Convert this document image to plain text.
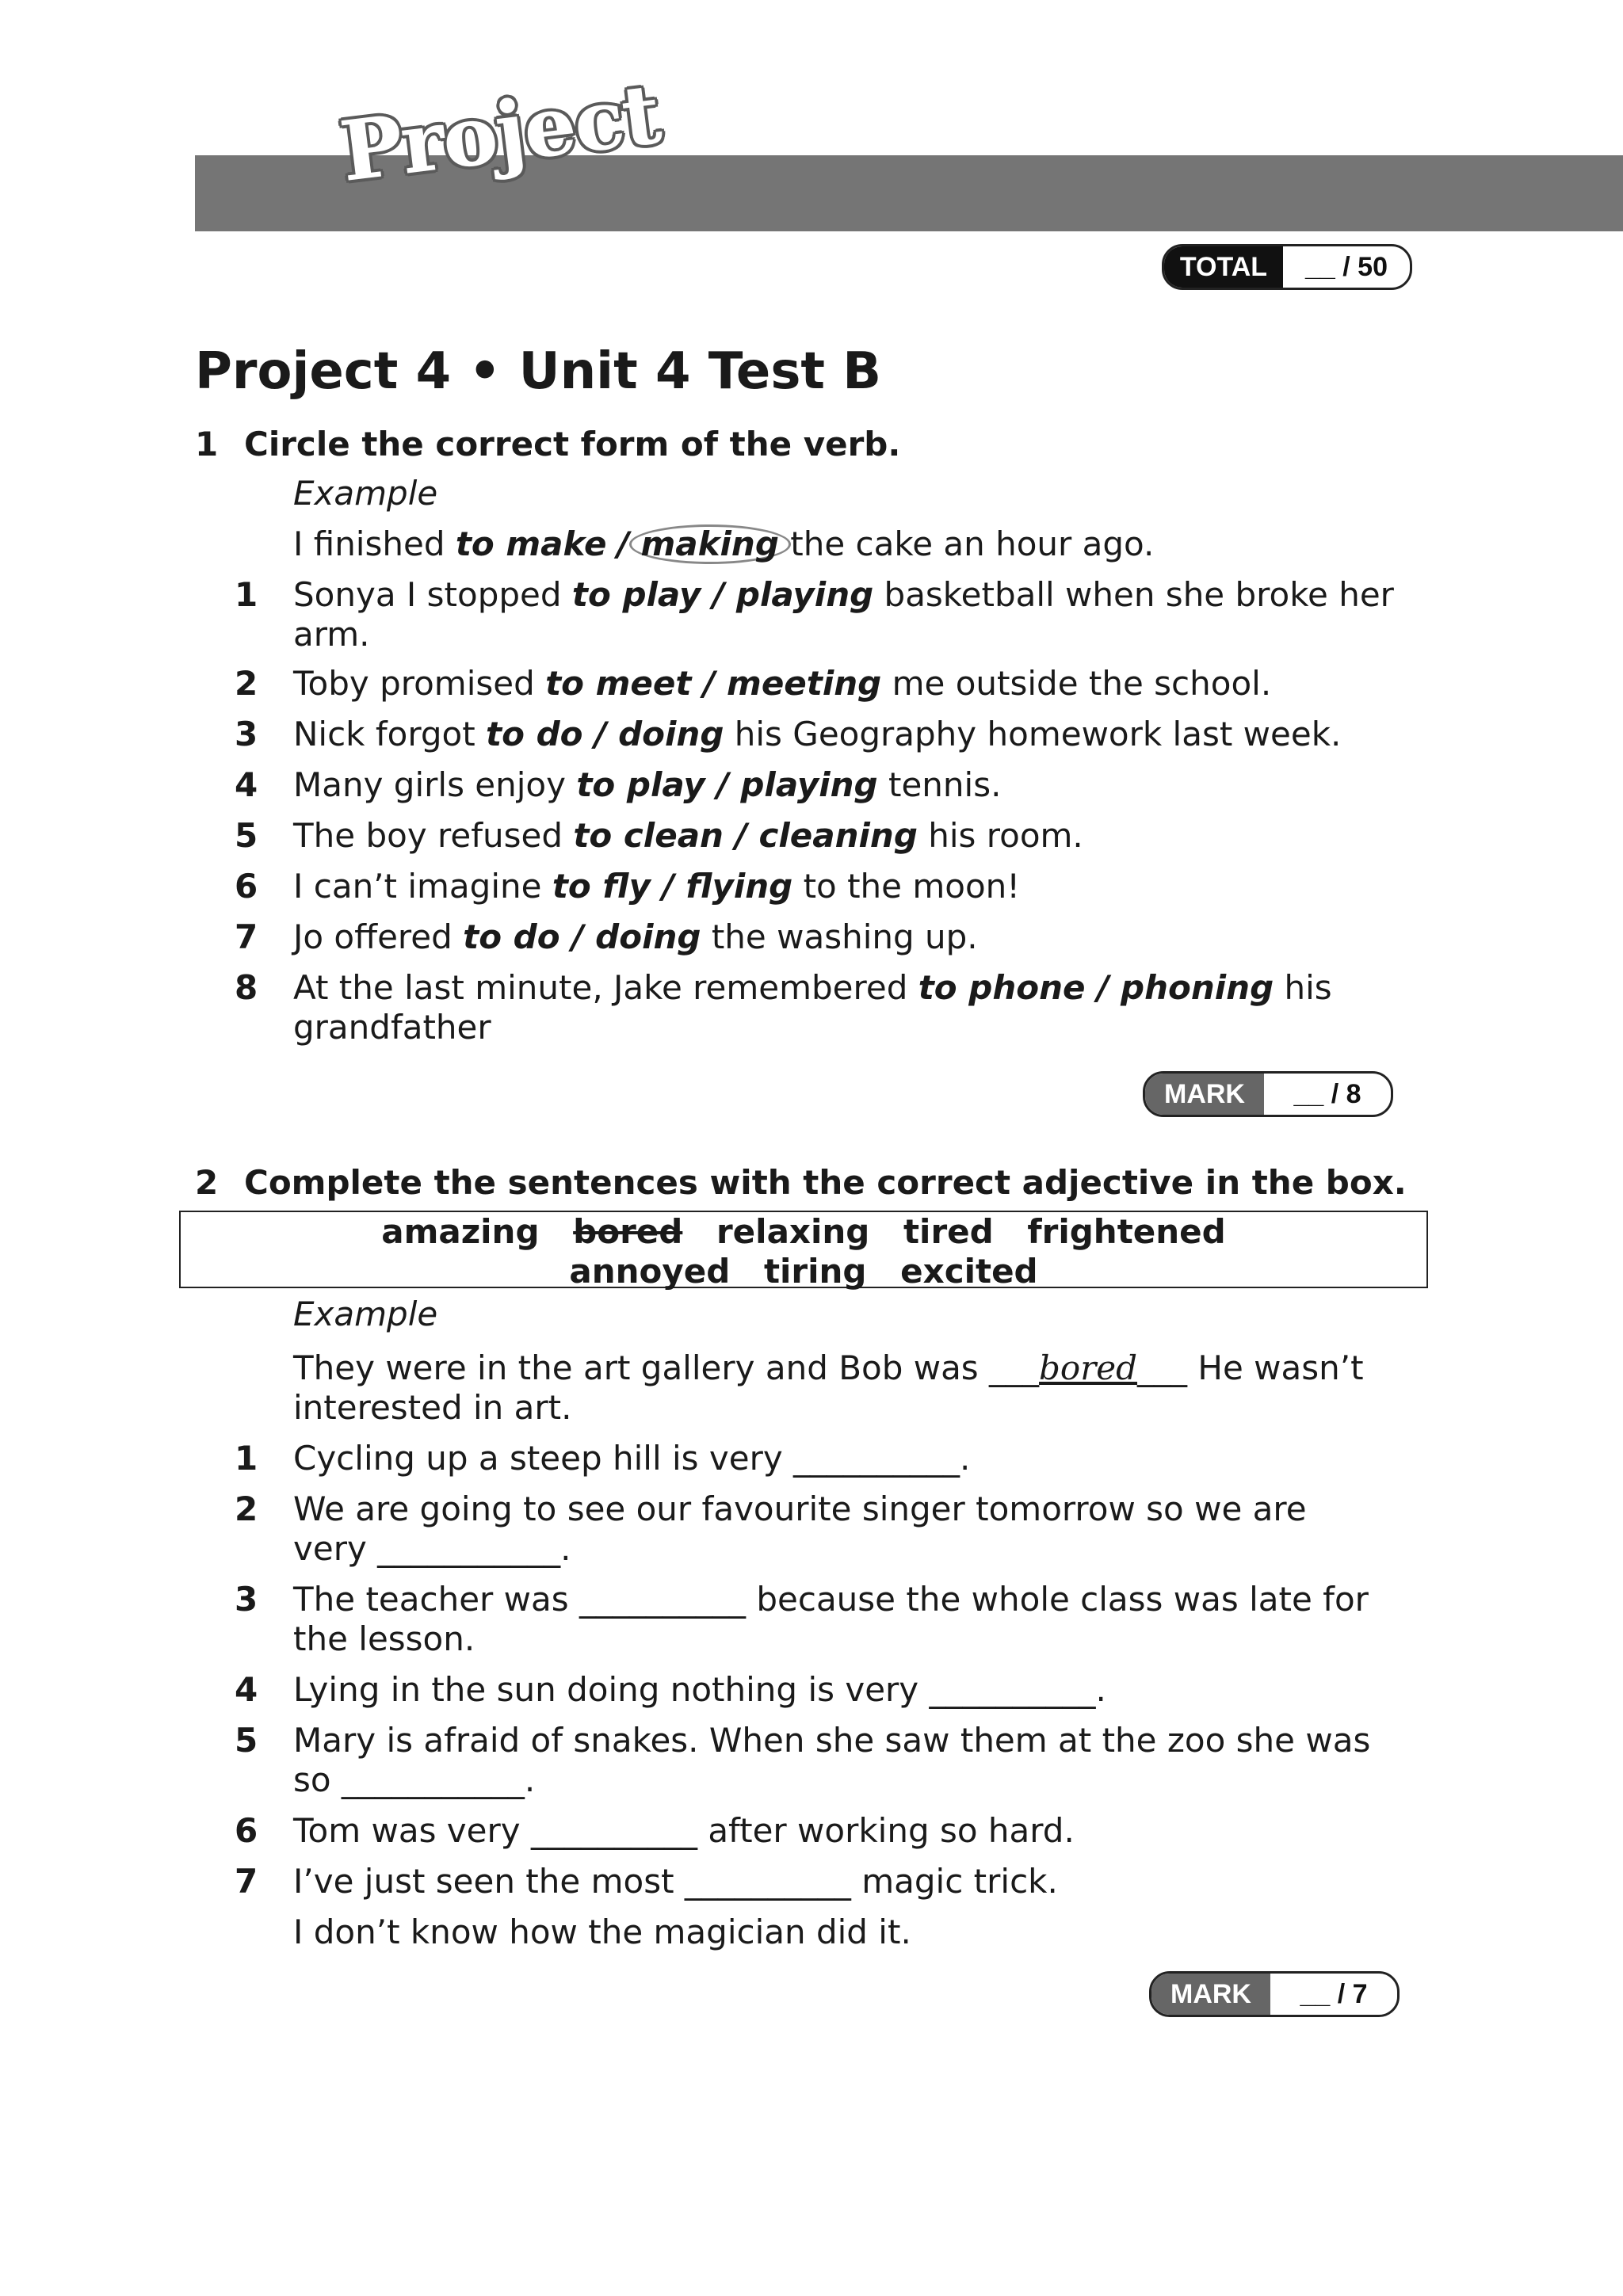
Project
TOTAL	__ / 50
Project 4 • Unit 4 Test B
1 Circle the correct form of the verb.
Example
I finished to make / making the cake an hour ago.
1 Sonya I stopped to play / playing basketball when she broke her
arm.
2 Toby promised to meet / meeting me outside the school.
3 Nick forgot to do / doing his Geography homework last week.
4 Many girls enjoy to play / playing tennis.
5 The boy refused to clean / cleaning his room.
6 I can’t imagine to fly / flying to the moon!
7 Jo offered to do / doing the washing up.
8 At the last minute, Jake remembered to phone / phoning his
grandfather
MARK	__ / 8
2 Complete the sentences with the correct adjective in the box.
amazing bored relaxing tired frightened
annoyed tiring excited
Example
They were in the art gallery and Bob was ___bored___ He wasn’t
interested in art.
1 Cycling up a steep hill is very __________.
2 We are going to see our favourite singer tomorrow so we are
very ___________.
3 The teacher was __________ because the whole class was late for
the lesson.
4 Lying in the sun doing nothing is very __________.
5 Mary is afraid of snakes. When she saw them at the zoo she was
so ___________.
6 Tom was very __________ after working so hard.
7 I’ve just seen the most __________ magic trick.
I don’t know how the magician did it.
MARK	__ / 7
